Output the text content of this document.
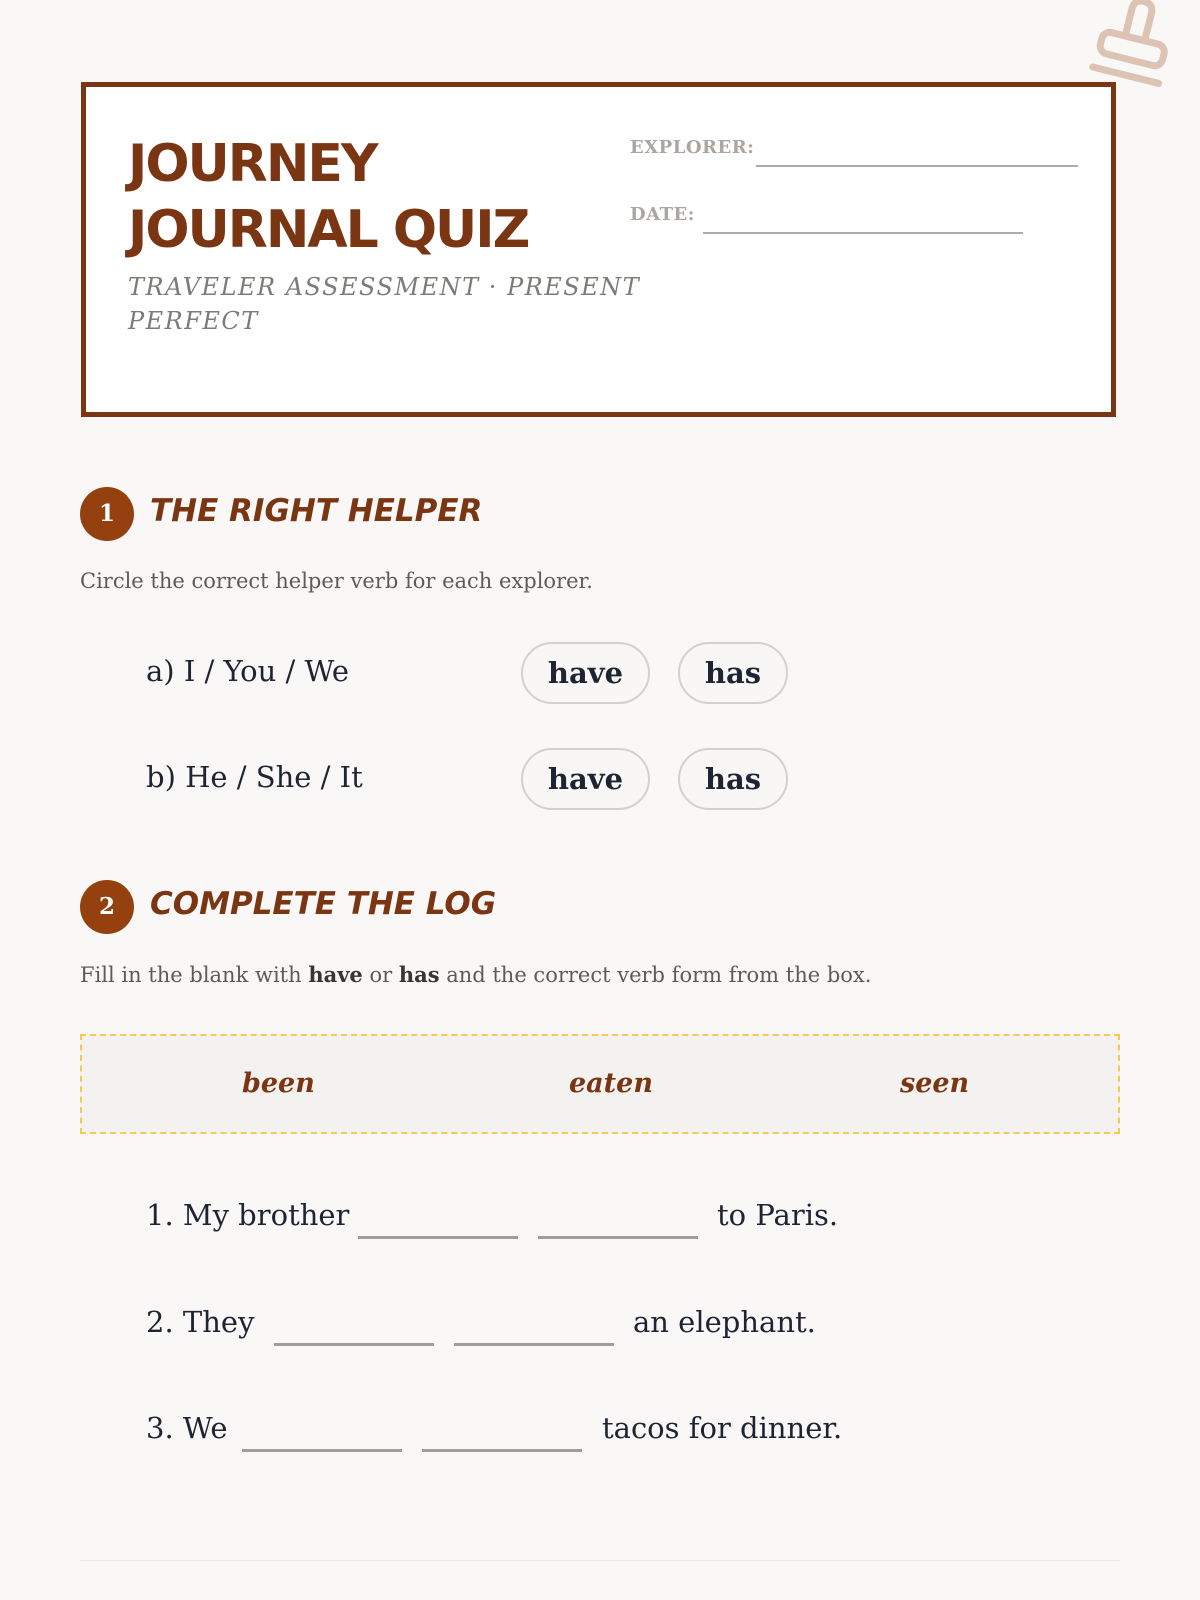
JOURNEY
JOURNAL QUIZ
TRAVELER ASSESSMENT · PRESENT PERFECT
EXPLORER:
DATE:
1	THE RIGHT HELPER
Circle the correct helper verb for each explorer.
a) I / You / We	have	has
b) He / She / It	have	has
2	COMPLETE THE LOG
Fill in the blank with have or has and the correct verb form from the box.
been	eaten	seen
1. My brother	to Paris.
2. They	an elephant.
3. We	tacos for dinner.
